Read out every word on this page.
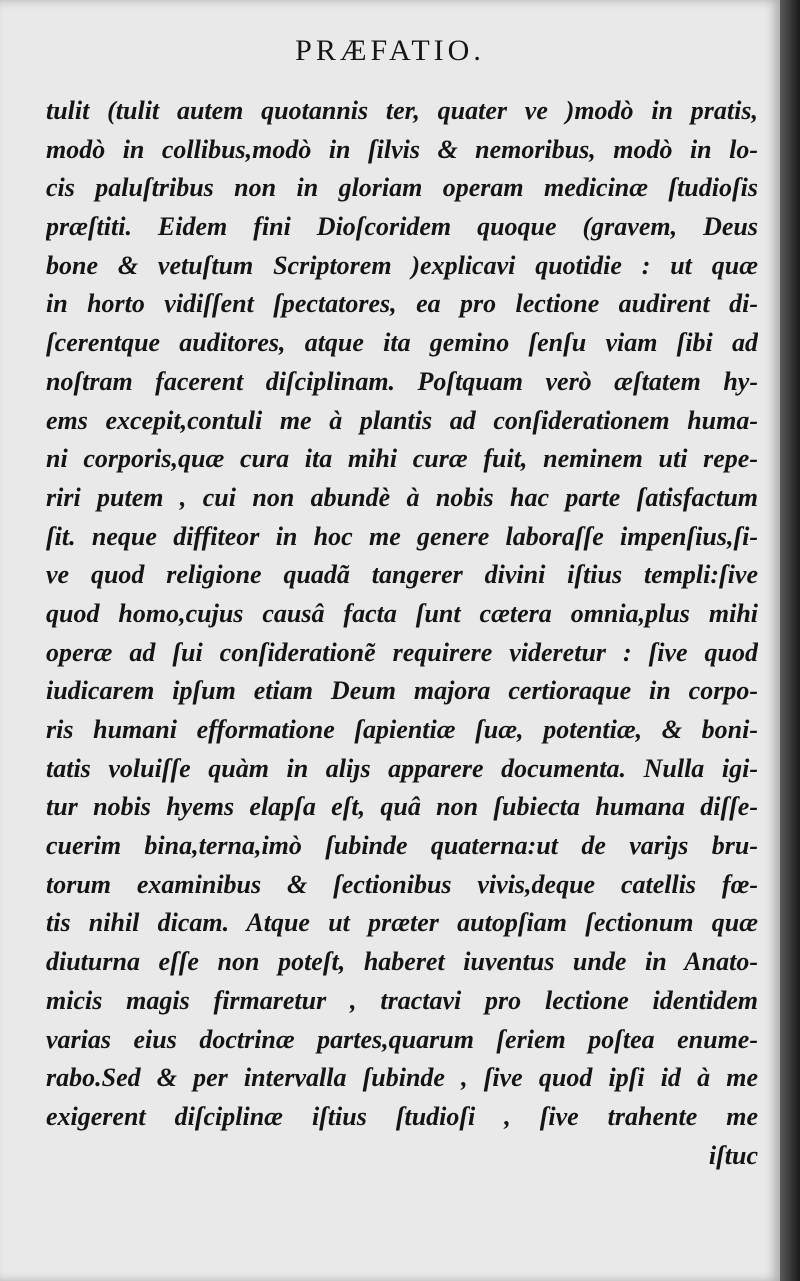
PRÆFATIO.
tulit (tulit autem quotannis ter, quater ve )modò in pratis,
modò in collibus,modò in ſilvis & nemoribus, modò in lo-
cis paluſtribus non in gloriam operam medicinæ ſtudioſis
præſtiti. Eidem fini Dioſcoridem quoque (gravem, Deus
bone & vetuſtum Scriptorem )explicavi quotidie : ut quæ
in horto vidiſſent ſpectatores, ea pro lectione audirent di-
ſcerentque auditores, atque ita gemino ſenſu viam ſibi ad
noſtram facerent diſciplinam. Poſtquam verò æſtatem hy-
ems excepit,contuli me à plantis ad conſiderationem huma-
ni corporis,quæ cura ita mihi curæ fuit, neminem uti repe-
riri putem , cui non abundè à nobis hac parte ſatisfactum
ſit. neque diffiteor in hoc me genere laboraſſe impenſius,ſi-
ve quod religione quadã tangerer divini iſtius templi:ſive
quod homo,cujus causâ facta ſunt cætera omnia,plus mihi
operæ ad ſui conſideratione͂ requirere videretur : ſive quod
iudicarem ipſum etiam Deum majora certioraque in corpo-
ris humani efformatione ſapientiæ ſuæ, potentiæ, & boni-
tatis voluiſſe quàm in aliȷs apparere documenta. Nulla igi-
tur nobis hyems elapſa eſt, quâ non ſubiecta humana diſſe-
cuerim bina,terna,imò ſubinde quaterna:ut de variȷs bru-
torum examinibus & ſectionibus vivis,deque catellis fœ-
tis nihil dicam. Atque ut præter autopſiam ſectionum quæ
diuturna eſſe non poteſt, haberet iuventus unde in Anato-
micis magis firmaretur , tractavi pro lectione identidem
varias eius doctrinæ partes,quarum ſeriem poſtea enume-
rabo.Sed & per intervalla ſubinde , ſive quod ipſi id à me
exigerent diſciplinæ iſtius ſtudioſi , ſive trahente me
iſtuc
